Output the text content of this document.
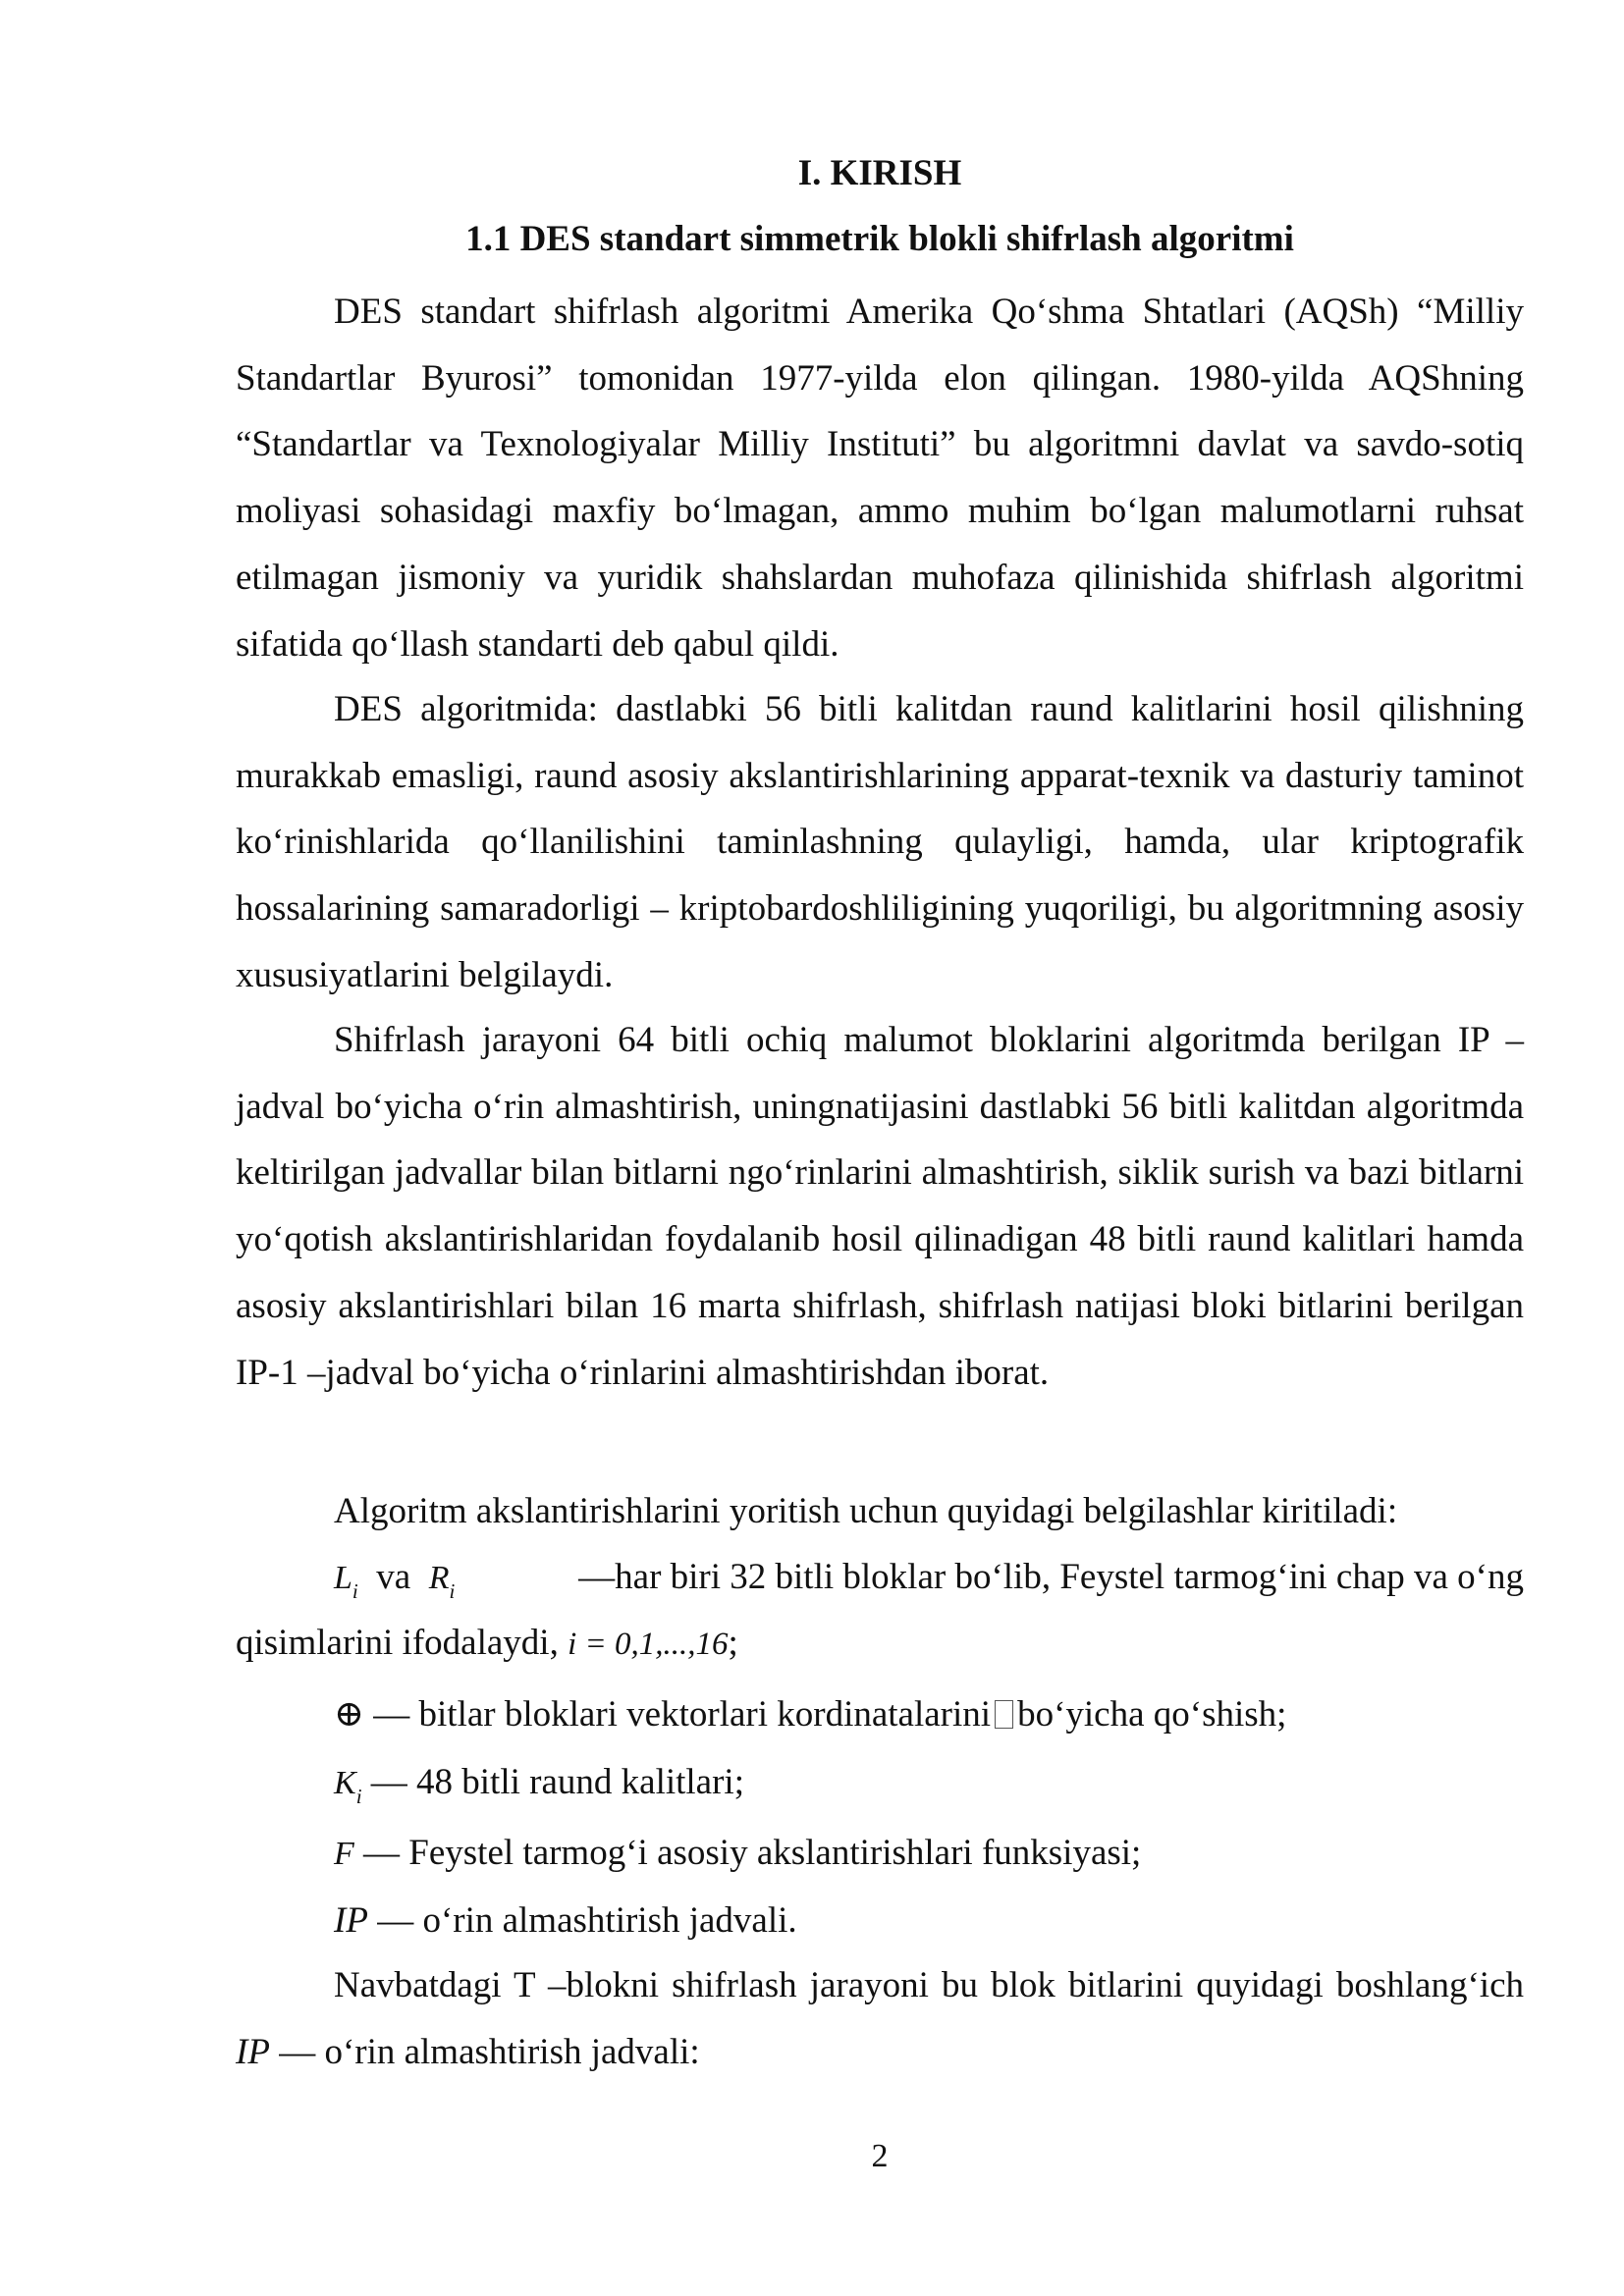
I. KIRISH
1.1 DES standart simmetrik blokli shifrlash algoritmi

DES standart shifrlash algoritmi Amerika Qo‘shma Shtatlari (AQSh) “Milliy Standartlar Byurosi” tomonidan 1977-yilda elon qilingan. 1980-yilda AQShning “Standartlar va Texnologiyalar Milliy Instituti” bu algoritmni davlat va savdo-sotiq moliyasi sohasidagi maxfiy bo‘lmagan, ammo muhim bo‘lgan malumotlarni ruhsat etilmagan jismoniy va yuridik shahslardan muhofaza qilinishida shifrlash algoritmi sifatida qo‘llash standarti deb qabul qildi.

DES algoritmida: dastlabki 56 bitli kalitdan raund kalitlarini hosil qilishning murakkab emasligi, raund asosiy akslantirishlarining apparat-texnik va dasturiy taminot ko‘rinishlarida qo‘llanilishini taminlashning qulayligi, hamda, ular kriptografik hossalarining samaradorligi – kriptobardoshliligining yuqoriligi, bu algoritmning asosiy xususiyatlarini belgilaydi.

Shifrlash jarayoni 64 bitli ochiq malumot bloklarini algoritmda berilgan IP – jadval bo‘yicha o‘rin almashtirish, uningnatijasini dastlabki 56 bitli kalitdan algoritmda keltirilgan jadvallar bilan bitlarni ngo‘rinlarini almashtirish, siklik surish va bazi bitlarni yo‘qotish akslantirishlaridan foydalanib hosil qilinadigan 48 bitli raund kalitlari hamda asosiy akslantirishlari bilan 16 marta shifrlash, shifrlash natijasi bloki bitlarini berilgan IP-1 –jadval bo‘yicha o‘rinlarini almashtirishdan iborat.

Algoritm akslantirishlarini yoritish uchun quyidagi belgilashlar kiritiladi:
$L_i$ va $R_i$	—har biri 32 bitli bloklar bo‘lib, Feystel tarmog‘ini chap va o‘ng
qisimlarini ifodalaydi, i = 0,1,...,16;
⊕ — bitlar bloklari vektorlari kordinatalarini bo‘yicha qo‘shish;
$K_i$ — 48 bitli raund kalitlari;
F — Feystel tarmog‘i asosiy akslantirishlari funksiyasi;
IP — o‘rin almashtirish jadvali.

Navbatdagi T –blokni shifrlash jarayoni bu blok bitlarini quyidagi boshlang‘ich IP — o‘rin almashtirish jadvali:

2
